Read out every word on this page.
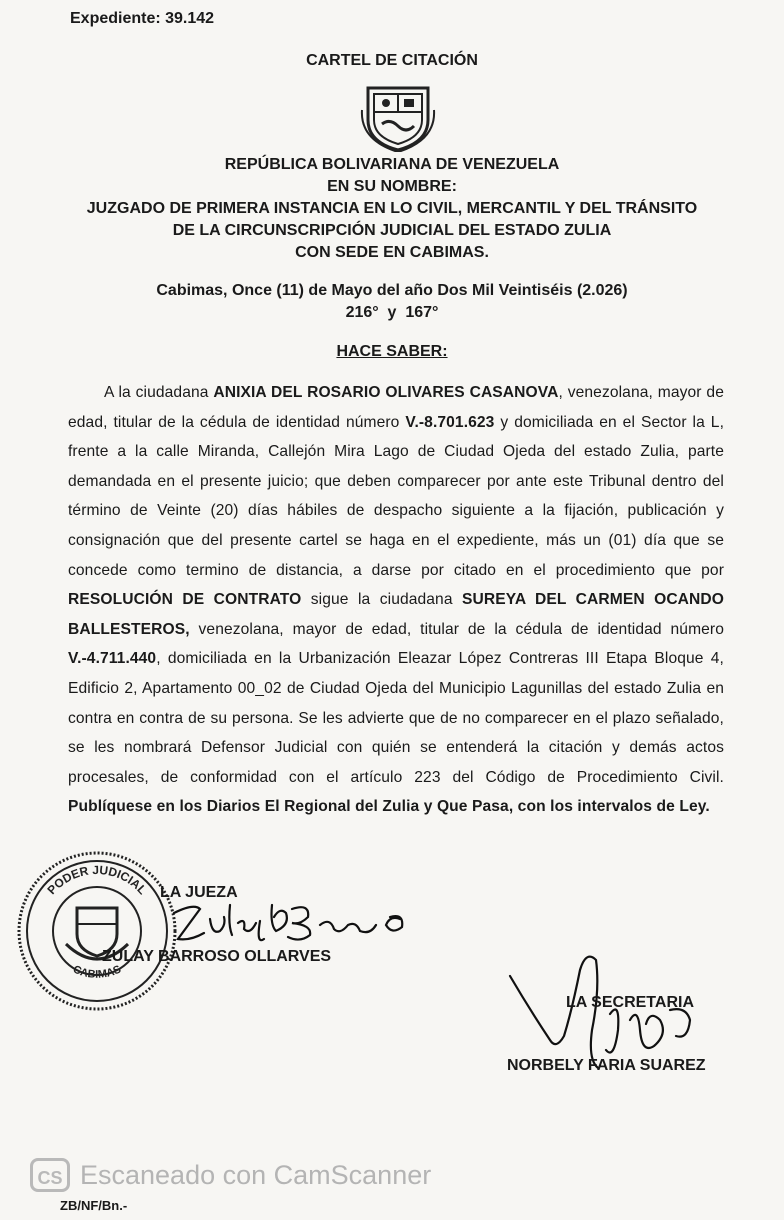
Expediente: 39.142
CARTEL DE CITACIÓN
REPÚBLICA BOLIVARIANA DE VENEZUELA
EN SU NOMBRE:
JUZGADO DE PRIMERA INSTANCIA EN LO CIVIL, MERCANTIL Y DEL TRÁNSITO
DE LA CIRCUNSCRIPCIÓN JUDICIAL DEL ESTADO ZULIA
CON SEDE EN CABIMAS.
Cabimas, Once (11) de Mayo del año Dos Mil Veintiséis (2.026)
216°  y  167°
HACE SABER:
A la ciudadana ANIXIA DEL ROSARIO OLIVARES CASANOVA, venezolana, mayor de edad, titular de la cédula de identidad número V.-8.701.623 y domiciliada en el Sector la L, frente a la calle Miranda, Callejón Mira Lago de Ciudad Ojeda del estado Zulia, parte demandada en el presente juicio; que deben comparecer por ante este Tribunal dentro del término de Veinte (20) días hábiles de despacho siguiente a la fijación, publicación y consignación que del presente cartel se haga en el expediente, más un (01) día que se concede como termino de distancia, a darse por citado en el procedimiento que por RESOLUCIÓN DE CONTRATO sigue la ciudadana SUREYA DEL CARMEN OCANDO BALLESTEROS, venezolana, mayor de edad, titular de la cédula de identidad número V.-4.711.440, domiciliada en la Urbanización Eleazar López Contreras III Etapa Bloque 4, Edificio 2, Apartamento 00_02 de Ciudad Ojeda del Municipio Lagunillas del estado Zulia en contra en contra de su persona. Se les advierte que de no comparecer en el plazo señalado, se les nombrará Defensor Judicial con quién se entenderá la citación y demás actos procesales, de conformidad con el artículo 223 del Código de Procedimiento Civil. Publíquese en los Diarios El Regional del Zulia y Que Pasa, con los intervalos de Ley.
PODER JUDICIAL
CABIMAS
LA JUEZA
ZULAY BARROSO OLLARVES
LA SECRETARIA
NORBELY FARIA SUAREZ
CS Escaneado con CamScanner
ZB/NF/Bn.-
